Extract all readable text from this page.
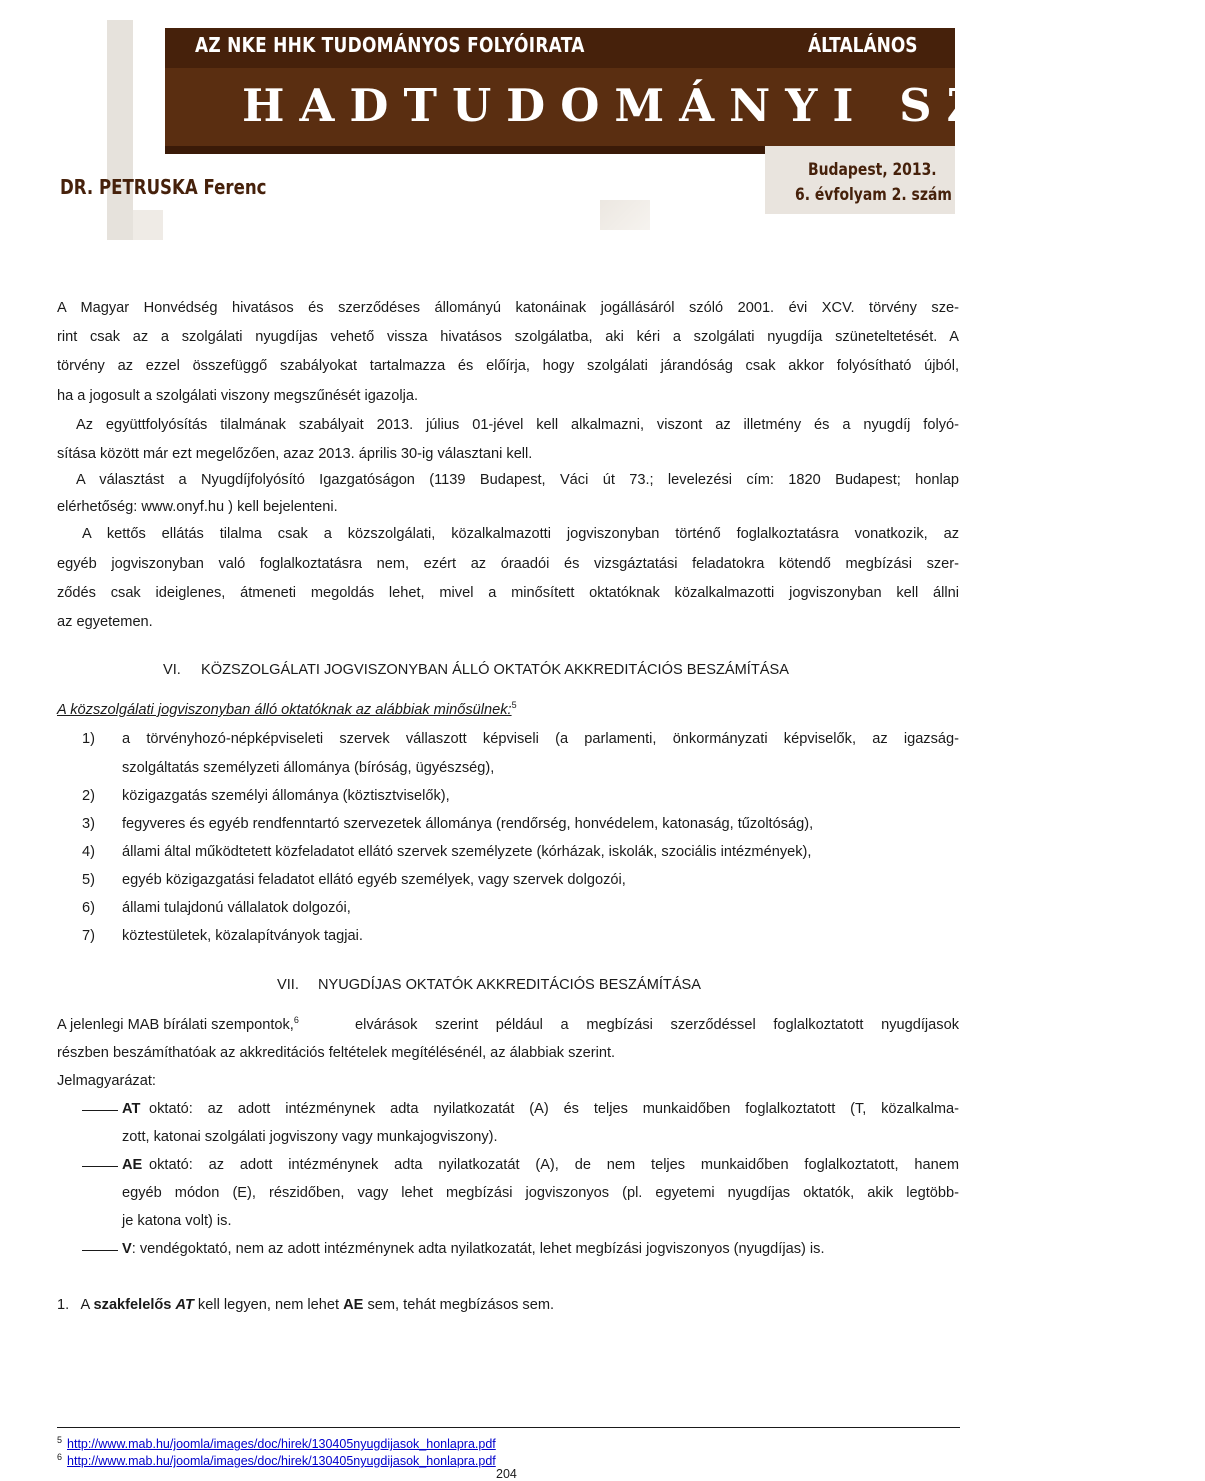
AZ NKE HHK TUDOMÁNYOS FOLYÓIRATA	ÁLTALÁNOS
HADTUDOMÁNYI SZEMLE
DR. PETRUSKA Ferenc
Budapest, 2013.
6. évfolyam 2. szám
A Magyar Honvédség hivatásos és szerződéses állományú katonáinak jogállásáról szóló 2001. évi XCV. törvény sze-
rint csak az a szolgálati nyugdíjas vehető vissza hivatásos szolgálatba, aki kéri a szolgálati nyugdíja szüneteltetését. A
törvény az ezzel összefüggő szabályokat tartalmazza és előírja, hogy szolgálati járandóság csak akkor folyósítható újból,
ha a jogosult a szolgálati viszony megszűnését igazolja.
Az együttfolyósítás tilalmának szabályait 2013. július 01-jével kell alkalmazni, viszont az illetmény és a nyugdíj folyó-
sítása között már ezt megelőzően, azaz 2013. április 30-ig választani kell.
A választást a Nyugdíjfolyósító Igazgatóságon (1139 Budapest, Váci út 73.; levelezési cím: 1820 Budapest; honlap
elérhetőség: www.onyf.hu ) kell bejelenteni.
A kettős ellátás tilalma csak a közszolgálati, közalkalmazotti jogviszonyban történő foglalkoztatásra vonatkozik, az
egyéb jogviszonyban való foglalkoztatásra nem, ezért az óraadói és vizsgáztatási feladatokra kötendő megbízási szer-
ződés csak ideiglenes, átmeneti megoldás lehet, mivel a minősített oktatóknak közalkalmazotti jogviszonyban kell állni
az egyetemen.
VI. KÖZSZOLGÁLATI JOGVISZONYBAN ÁLLÓ OKTATÓK AKKREDITÁCIÓS BESZÁMÍTÁSA
A közszolgálati jogviszonyban álló oktatóknak az alábbiak minősülnek:$^5$
1) a törvényhozó-népképviseleti szervek vállaszott képviseli (a parlamenti, önkormányzati képviselők, az igazság-
szolgáltatás személyzeti állománya (bíróság, ügyészség),
2) közigazgatás személyi állománya (köztisztviselők),
3) fegyveres és egyéb rendfenntartó szervezetek állománya (rendőrség, honvédelem, katonaság, tűzoltóság),
4) állami által működtetett közfeladatot ellátó szervek személyzete (kórházak, iskolák, szociális intézmények),
5) egyéb közigazgatási feladatot ellátó egyéb személyek, vagy szervek dolgozói,
6) állami tulajdonú vállalatok dolgozói,
7) köztestületek, közalapítványok tagjai.
VII. NYUGDÍJAS OKTATÓK AKKREDITÁCIÓS BESZÁMÍTÁSA
A jelenlegi MAB bírálati szempontok,$^6$	elvárások szerint például a megbízási szerződéssel foglalkoztatott nyugdíjasok
részben beszámíthatóak az akkreditációs feltételek megítélésénél, az álabbiak szerint.
Jelmagyarázat:
AT oktató: az adott intézménynek adta nyilatkozatát (A) és teljes munkaidőben foglalkoztatott (T, közalkalma-
zott, katonai szolgálati jogviszony vagy munkajogviszony).
AE oktató: az adott intézménynek adta nyilatkozatát (A), de nem teljes munkaidőben foglalkoztatott, hanem
egyéb módon (E), részidőben, vagy lehet megbízási jogviszonyos (pl. egyetemi nyugdíjas oktatók, akik legtöbb-
je katona volt) is.
V: vendégoktató, nem az adott intézménynek adta nyilatkozatát, lehet megbízási jogviszonyos (nyugdíjas) is.
1. A szakfelelős AT kell legyen, nem lehet AE sem, tehát megbízásos sem.
$^5$ http://www.mab.hu/joomla/images/doc/hirek/130405nyugdijasok_honlapra.pdf
$^6$ http://www.mab.hu/joomla/images/doc/hirek/130405nyugdijasok_honlapra.pdf
204
